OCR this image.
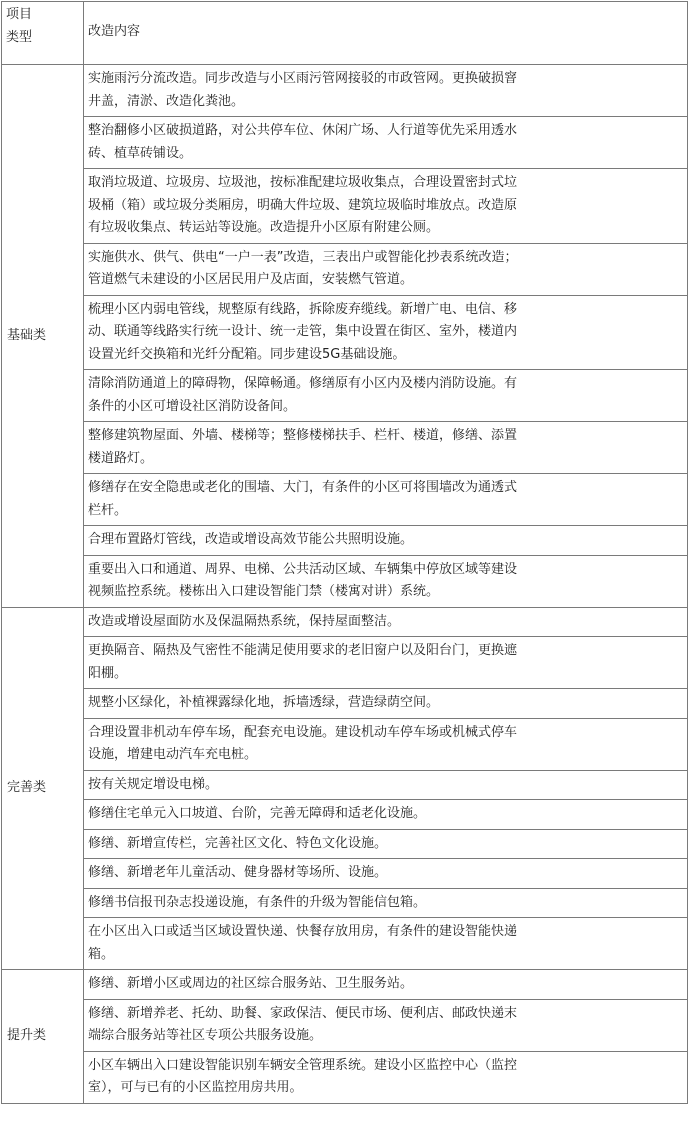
项目
类型	改造内容
基础类	实施雨污分流改造。同步改造与小区雨污管网接驳的市政管网。更换破损窨井盖，清淤、改造化粪池。

	整治翻修小区破损道路，对公共停车位、休闲广场、人行道等优先采用透水砖、植草砖铺设。

	取消垃圾道、垃圾房、垃圾池，按标准配建垃圾收集点，合理设置密封式垃圾桶（箱）或垃圾分类厢房，明确大件垃圾、建筑垃圾临时堆放点。改造原有垃圾收集点、转运站等设施。改造提升小区原有附建公厕。

	实施供水、供气、供电“一户一表”改造，三表出户或智能化抄表系统改造；管道燃气未建设的小区居民用户及店面，安装燃气管道。

	梳理小区内弱电管线，规整原有线路，拆除废弃缆线。新增广电、电信、移动、联通等线路实行统一设计、统一走管，集中设置在街区、室外，楼道内设置光纤交换箱和光纤分配箱。同步建设5G基础设施。

	清除消防通道上的障碍物，保障畅通。修缮原有小区内及楼内消防设施。有条件的小区可增设社区消防设备间。

	整修建筑物屋面、外墙、楼梯等；整修楼梯扶手、栏杆、楼道，修缮、添置楼道路灯。

	修缮存在安全隐患或老化的围墙、大门，有条件的小区可将围墙改为通透式栏杆。

	合理布置路灯管线，改造或增设高效节能公共照明设施。

	重要出入口和通道、周界、电梯、公共活动区域、车辆集中停放区域等建设视频监控系统。楼栋出入口建设智能门禁（楼寓对讲）系统。

完善类	改造或增设屋面防水及保温隔热系统，保持屋面整洁。

	更换隔音、隔热及气密性不能满足使用要求的老旧窗户以及阳台门，更换遮阳棚。

	规整小区绿化，补植裸露绿化地，拆墙透绿，营造绿荫空间。

	合理设置非机动车停车场，配套充电设施。建设机动车停车场或机械式停车设施，增建电动汽车充电桩。

	按有关规定增设电梯。

	修缮住宅单元入口坡道、台阶，完善无障碍和适老化设施。

	修缮、新增宣传栏，完善社区文化、特色文化设施。

	修缮、新增老年儿童活动、健身器材等场所、设施。

	修缮书信报刊杂志投递设施，有条件的升级为智能信包箱。

	在小区出入口或适当区域设置快递、快餐存放用房，有条件的建设智能快递箱。

提升类	修缮、新增小区或周边的社区综合服务站、卫生服务站。

	修缮、新增养老、托幼、助餐、家政保洁、便民市场、便利店、邮政快递末端综合服务站等社区专项公共服务设施。

	小区车辆出入口建设智能识别车辆安全管理系统。建设小区监控中心（监控室），可与已有的小区监控用房共用。
